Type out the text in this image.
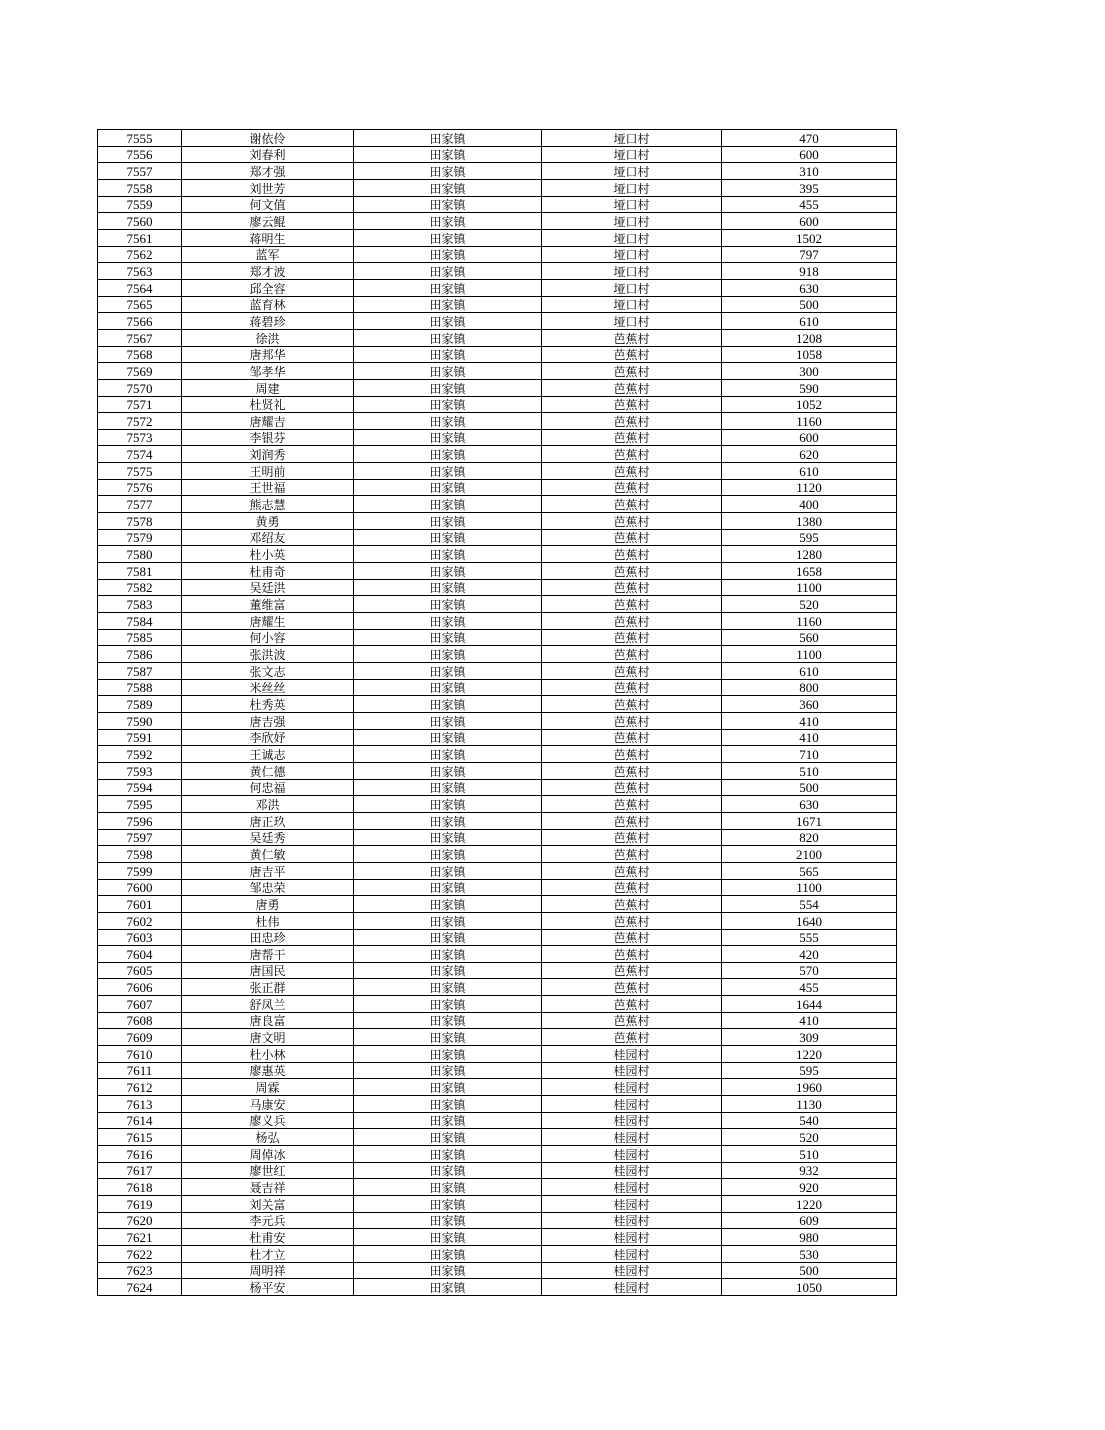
7555	谢依伶	田家镇	垭口村	470
7556	刘春利	田家镇	垭口村	600
7557	郑才强	田家镇	垭口村	310
7558	刘世芳	田家镇	垭口村	395
7559	何文值	田家镇	垭口村	455
7560	廖云鲲	田家镇	垭口村	600
7561	蒋明生	田家镇	垭口村	1502
7562	蓝军	田家镇	垭口村	797
7563	郑才波	田家镇	垭口村	918
7564	邱全容	田家镇	垭口村	630
7565	蓝育林	田家镇	垭口村	500
7566	蒋碧珍	田家镇	垭口村	610
7567	徐洪	田家镇	芭蕉村	1208
7568	唐邦华	田家镇	芭蕉村	1058
7569	邹孝华	田家镇	芭蕉村	300
7570	周建	田家镇	芭蕉村	590
7571	杜贤礼	田家镇	芭蕉村	1052
7572	唐耀吉	田家镇	芭蕉村	1160
7573	李银芬	田家镇	芭蕉村	600
7574	刘润秀	田家镇	芭蕉村	620
7575	王明前	田家镇	芭蕉村	610
7576	王世福	田家镇	芭蕉村	1120
7577	熊志慧	田家镇	芭蕉村	400
7578	黄勇	田家镇	芭蕉村	1380
7579	邓绍友	田家镇	芭蕉村	595
7580	杜小英	田家镇	芭蕉村	1280
7581	杜甫奇	田家镇	芭蕉村	1658
7582	吴廷洪	田家镇	芭蕉村	1100
7583	董维富	田家镇	芭蕉村	520
7584	唐耀生	田家镇	芭蕉村	1160
7585	何小容	田家镇	芭蕉村	560
7586	张洪波	田家镇	芭蕉村	1100
7587	张文志	田家镇	芭蕉村	610
7588	米丝丝	田家镇	芭蕉村	800
7589	杜秀英	田家镇	芭蕉村	360
7590	唐吉强	田家镇	芭蕉村	410
7591	李欣妤	田家镇	芭蕉村	410
7592	王诚志	田家镇	芭蕉村	710
7593	黄仁德	田家镇	芭蕉村	510
7594	何忠福	田家镇	芭蕉村	500
7595	邓洪	田家镇	芭蕉村	630
7596	唐正玖	田家镇	芭蕉村	1671
7597	吴廷秀	田家镇	芭蕉村	820
7598	黄仁敏	田家镇	芭蕉村	2100
7599	唐吉平	田家镇	芭蕉村	565
7600	邹忠荣	田家镇	芭蕉村	1100
7601	唐勇	田家镇	芭蕉村	554
7602	杜伟	田家镇	芭蕉村	1640
7603	田忠珍	田家镇	芭蕉村	555
7604	唐帮干	田家镇	芭蕉村	420
7605	唐国民	田家镇	芭蕉村	570
7606	张正群	田家镇	芭蕉村	455
7607	舒凤兰	田家镇	芭蕉村	1644
7608	唐良富	田家镇	芭蕉村	410
7609	唐文明	田家镇	芭蕉村	309
7610	杜小林	田家镇	桂园村	1220
7611	廖惠英	田家镇	桂园村	595
7612	周霖	田家镇	桂园村	1960
7613	马康安	田家镇	桂园村	1130
7614	廖义兵	田家镇	桂园村	540
7615	杨弘	田家镇	桂园村	520
7616	周倬冰	田家镇	桂园村	510
7617	廖世红	田家镇	桂园村	932
7618	聂吉祥	田家镇	桂园村	920
7619	刘关富	田家镇	桂园村	1220
7620	李元兵	田家镇	桂园村	609
7621	杜甫安	田家镇	桂园村	980
7622	杜才立	田家镇	桂园村	530
7623	周明祥	田家镇	桂园村	500
7624	杨平安	田家镇	桂园村	1050
